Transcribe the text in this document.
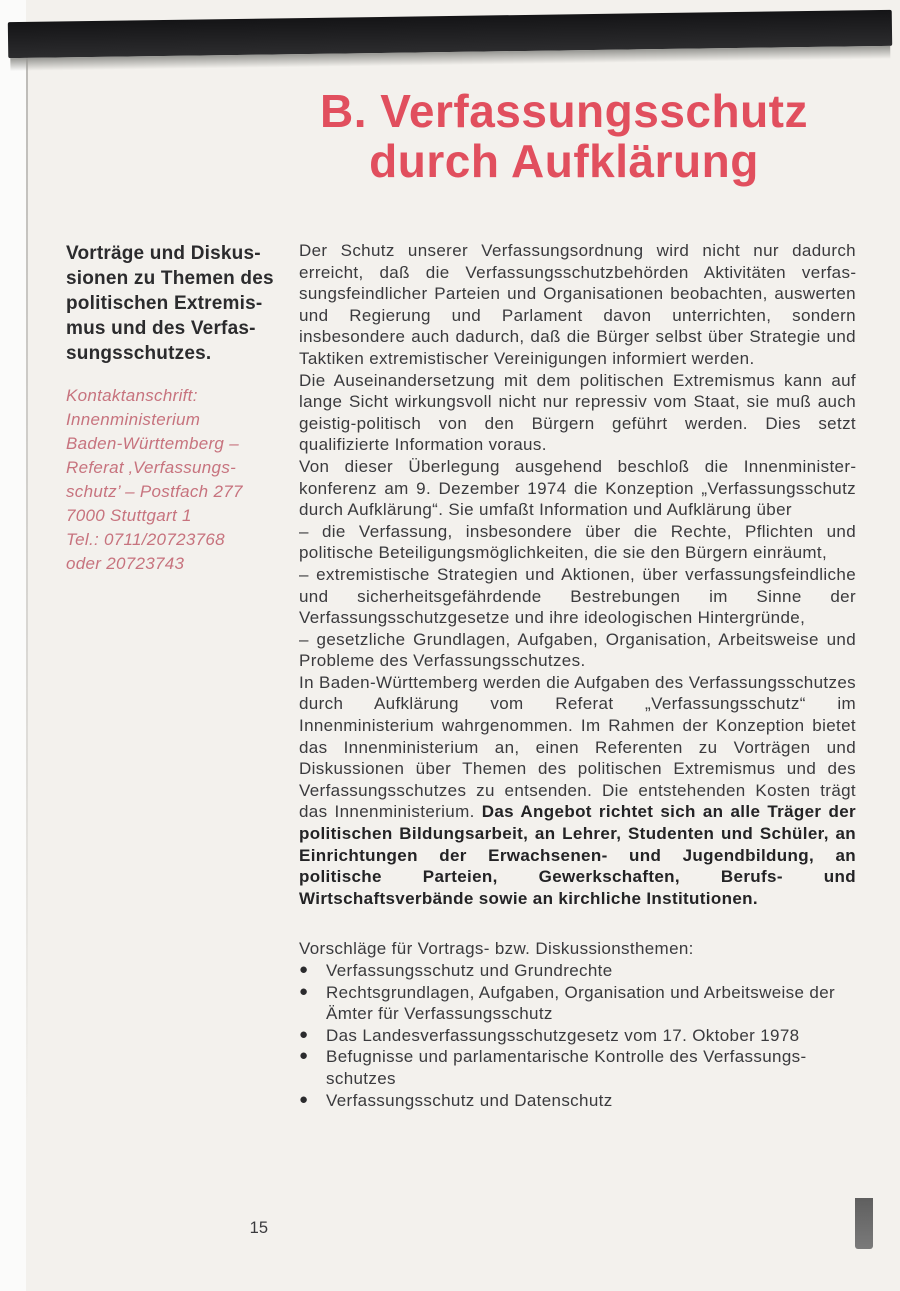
B. Verfassungsschutz
durch Aufklärung
Vorträge und Diskus-
sionen zu Themen des
politischen Extremis-
mus und des Verfas-
sungsschutzes.
Kontaktanschrift:
Innenministerium
Baden-Württemberg –
Referat ‚Verfassungs-
schutz’ – Postfach 277
7000 Stuttgart 1
Tel.: 0711/20723768
oder 20723743

Der Schutz unserer Verfassungsordnung wird nicht nur dadurch erreicht, daß die Verfassungsschutzbehörden Aktivitäten verfassungsfeindlicher Parteien und Organisationen beobachten, auswerten und Regierung und Parlament davon unterrichten, sondern insbesondere auch dadurch, daß die Bürger selbst über Strategie und Taktiken extremistischer Vereinigungen informiert werden.

Die Auseinandersetzung mit dem politischen Extremismus kann auf lange Sicht wirkungsvoll nicht nur repressiv vom Staat, sie muß auch geistig-politisch von den Bürgern geführt werden. Dies setzt qualifizierte Information voraus.

Von dieser Überlegung ausgehend beschloß die Innenministerkonferenz am 9. Dezember 1974 die Konzeption „Verfassungsschutz durch Aufklärung“. Sie umfaßt Information und Aufklärung über

– die Verfassung, insbesondere über die Rechte, Pflichten und politische Beteiligungsmöglichkeiten, die sie den Bürgern einräumt,

– extremistische Strategien und Aktionen, über verfassungsfeindliche und sicherheitsgefährdende Bestrebungen im Sinne der Verfassungsschutzgesetze und ihre ideologischen Hintergründe,

– gesetzliche Grundlagen, Aufgaben, Organisation, Arbeitsweise und Probleme des Verfassungsschutzes.

In Baden-Württemberg werden die Aufgaben des Verfassungsschutzes durch Aufklärung vom Referat „Verfassungsschutz“ im Innenministerium wahrgenommen. Im Rahmen der Konzeption bietet das Innenministerium an, einen Referenten zu Vorträgen und Diskussionen über Themen des politischen Extremismus und des Verfassungsschutzes zu entsenden. Die entstehenden Kosten trägt das Innenministerium. Das Angebot richtet sich an alle Träger der politischen Bildungsarbeit, an Lehrer, Studenten und Schüler, an Einrichtungen der Erwachsenen- und Jugendbildung, an politische Parteien, Gewerkschaften, Berufs- und Wirtschaftsverbände sowie an kirchliche Institutionen.

Vorschläge für Vortrags- bzw. Diskussionsthemen:

● Verfassungsschutz und Grundrechte
● Rechtsgrundlagen, Aufgaben, Organisation und Arbeitsweise der Ämter für Verfassungsschutz
● Das Landesverfassungsschutzgesetz vom 17. Oktober 1978
● Befugnisse und parlamentarische Kontrolle des Verfassungsschutzes
● Verfassungsschutz und Datenschutz
15
